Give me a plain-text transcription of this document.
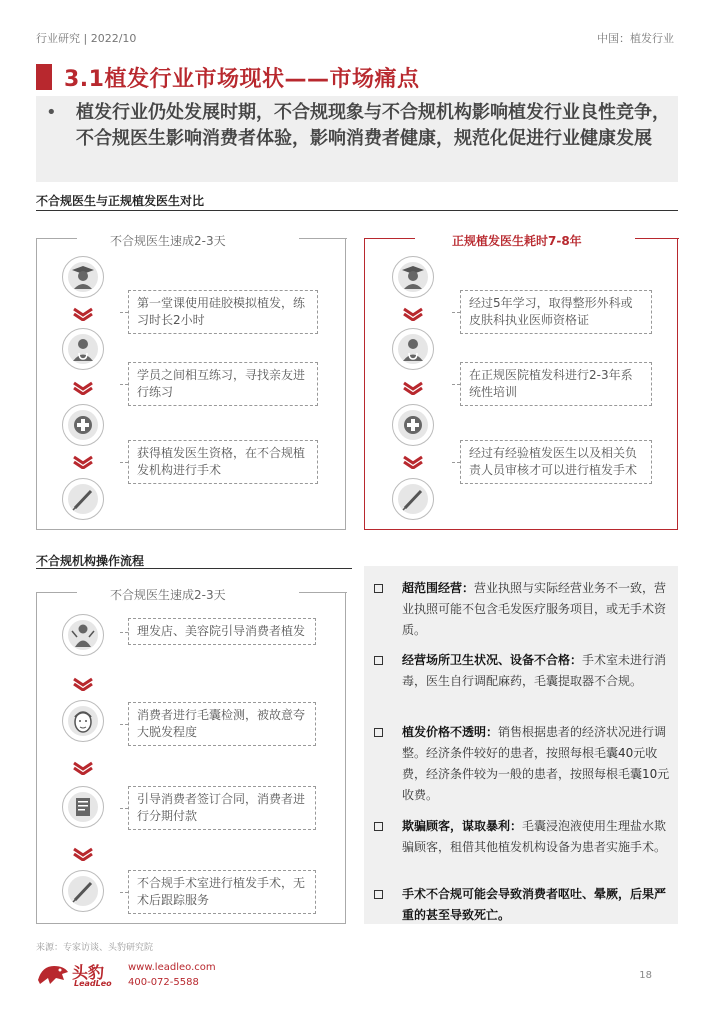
行业研究 | 2022/10	中国：植发行业
3.1植发行业市场现状——市场痛点
• 植发行业仍处发展时期，不合规现象与不合规机构影响植发行业良性竞争，不合规医生影响消费者体验，影响消费者健康，规范化促进行业健康发展
不合规医生与正规植发医生对比
不合规医生速成2-3天	正规植发医生耗时7-8年
第一堂课使用硅胶模拟植发，练习时长2小时
学员之间相互练习，寻找亲友进行练习
获得植发医生资格，在不合规植发机构进行手术
经过5年学习，取得整形外科或皮肤科执业医师资格证
在正规医院植发科进行2-3年系统性培训
经过有经验植发医生以及相关负责人员审核才可以进行植发手术
不合规机构操作流程
不合规医生速成2-3天
理发店、美容院引导消费者植发
消费者进行毛囊检测，被故意夸大脱发程度
引导消费者签订合同，消费者进行分期付款
不合规手术室进行植发手术，无术后跟踪服务
超范围经营：营业执照与实际经营业务不一致，营业执照可能不包含毛发医疗服务项目，或无手术资质。
经营场所卫生状况、设备不合格：手术室未进行消毒，医生自行调配麻药，毛囊提取器不合规。
植发价格不透明：销售根据患者的经济状况进行调整。经济条件较好的患者，按照每根毛囊40元收费，经济条件较为一般的患者，按照每根毛囊10元收费。
欺骗顾客，谋取暴利：毛囊浸泡液使用生理盐水欺骗顾客，租借其他植发机构设备为患者实施手术。
手术不合规可能会导致消费者呕吐、晕厥，后果严重的甚至导致死亡。
来源：专家访谈、头豹研究院
头豹
LeadLeo
www.leadleo.com
400-072-5588
18
